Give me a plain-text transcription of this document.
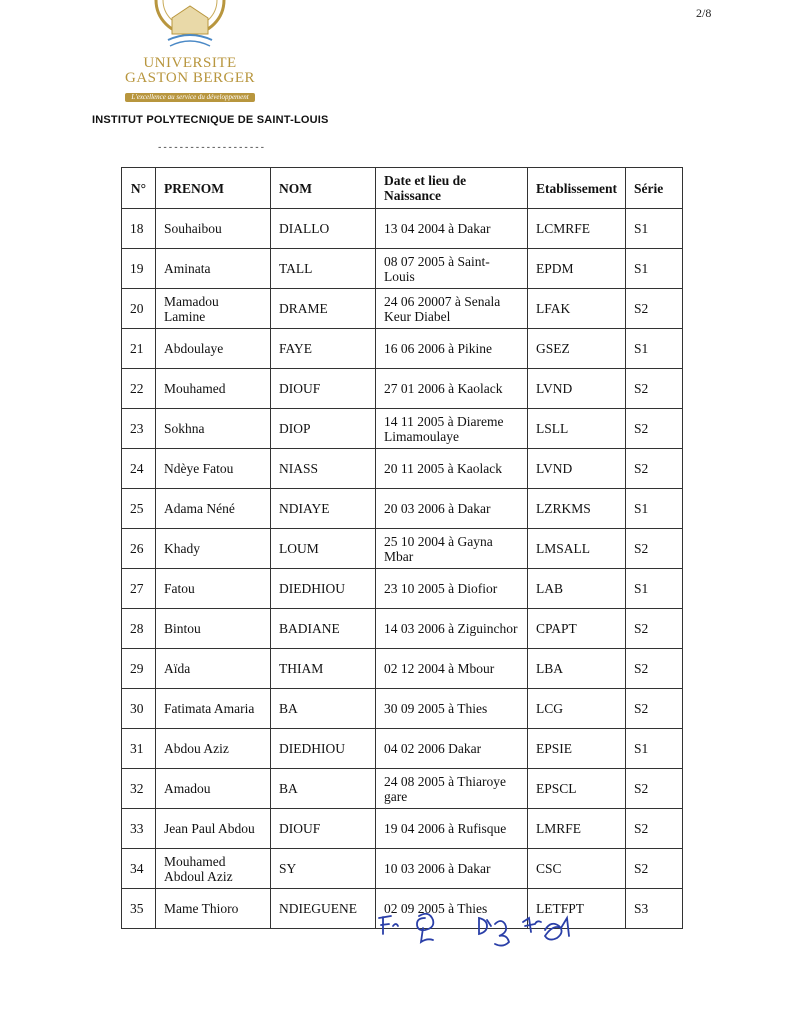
2/8
UNIVERSITE
GASTON BERGER
L'excellence au service du développement
INSTITUT POLYTECNIQUE DE SAINT-LOUIS
--------------------
N°	PRENOM	NOM	Date et lieu de Naissance	Etablissement	Série
18	Souhaibou	DIALLO	13 04 2004 à Dakar	LCMRFE	S1
19	Aminata	TALL	08 07 2005 à Saint-Louis	EPDM	S1
20	Mamadou Lamine	DRAME	24 06 20007 à Senala Keur Diabel	LFAK	S2
21	Abdoulaye	FAYE	16 06 2006 à Pikine	GSEZ	S1
22	Mouhamed	DIOUF	27 01 2006 à Kaolack	LVND	S2
23	Sokhna	DIOP	14 11 2005 à Diareme Limamoulaye	LSLL	S2
24	Ndèye Fatou	NIASS	20 11 2005 à Kaolack	LVND	S2
25	Adama Néné	NDIAYE	20 03 2006 à Dakar	LZRKMS	S1
26	Khady	LOUM	25 10 2004 à Gayna Mbar	LMSALL	S2
27	Fatou	DIEDHIOU	23 10 2005 à Diofior	LAB	S1
28	Bintou	BADIANE	14 03 2006 à Ziguinchor	CPAPT	S2
29	Aïda	THIAM	02 12 2004 à Mbour	LBA	S2
30	Fatimata Amaria	BA	30 09 2005 à Thies	LCG	S2
31	Abdou Aziz	DIEDHIOU	04 02 2006 Dakar	EPSIE	S1
32	Amadou	BA	24 08 2005 à Thiaroye gare	EPSCL	S2
33	Jean Paul Abdou	DIOUF	19 04 2006 à Rufisque	LMRFE	S2
34	Mouhamed Abdoul Aziz	SY	10 03 2006 à Dakar	CSC	S2
35	Mame Thioro	NDIEGUENE	02 09 2005 à Thies	LETFPT	S3
